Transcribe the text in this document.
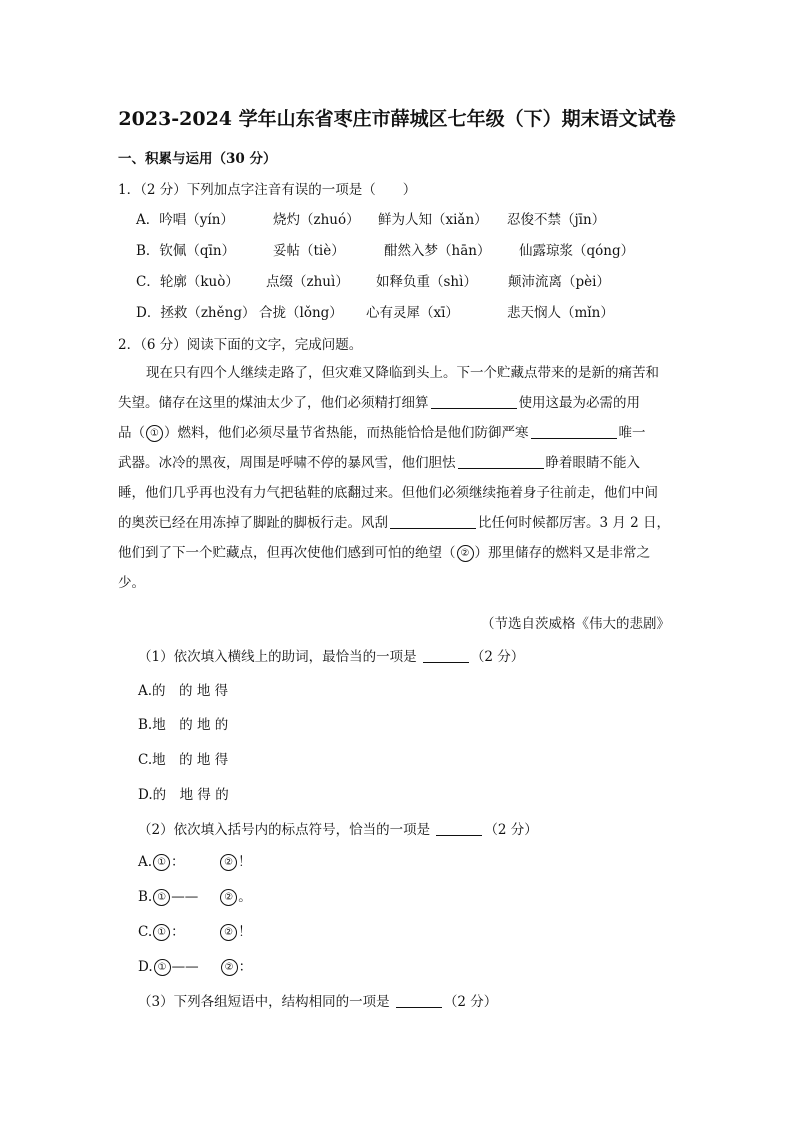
2023-2024 学年山东省枣庄市薛城区七年级（下）期末语文试卷
一、积累与运用（30 分）
1．（2 分）下列加点字注音有误的一项是（　　）
A．吟唱（yín）	烧灼（zhuó） 鲜为人知（xiǎn） 忍俊不禁（jīn）
B．钦佩（qīn）	妥帖（tiè）	酣然入梦（hān） 仙露琼浆（qóng）
C．轮廓（kuò） 点缀（zhuì） 如释负重（shì） 颠沛流离（pèi）
D．拯救（zhěng） 合拢（lǒng） 心有灵犀（xī）	悲天悯人（mǐn）
2．（6 分）阅读下面的文字，完成问题。
现在只有四个人继续走路了，但灾难又降临到头上。下一个贮藏点带来的是新的痛苦和
失望。储存在这里的煤油太少了，他们必须精打细算	使用这最为必需的用
品（ ① ）燃料，他们必须尽量节省热能，而热能恰恰是他们防御严寒	唯一
武器。冰冷的黑夜，周围是呼啸不停的暴风雪，他们胆怯	睁着眼睛不能入
睡，他们几乎再也没有力气把毡鞋的底翻过来。但他们必须继续拖着身子往前走，他们中间
的奥茨已经在用冻掉了脚趾的脚板行走。风刮	比任何时候都厉害。3 月 2 日，
他们到了下一个贮藏点，但再次使他们感到可怕的绝望（ ② ）那里储存的燃料又是非常之
少。
（节选自茨威格《伟大的悲剧》
（1）依次填入横线上的助词，最恰当的一项是	（2 分）
A.的　的 地 得
B.地　的 地 的
C.地　的 地 得
D.的　地 得 的
（2）依次填入括号内的标点符号，恰当的一项是	（2 分）
A. ① ：	② ！
B. ① ——	② 。
C. ① ：	② ！
D. ① ——	② ：
（3）下列各组短语中，结构相同的一项是	（2 分）
